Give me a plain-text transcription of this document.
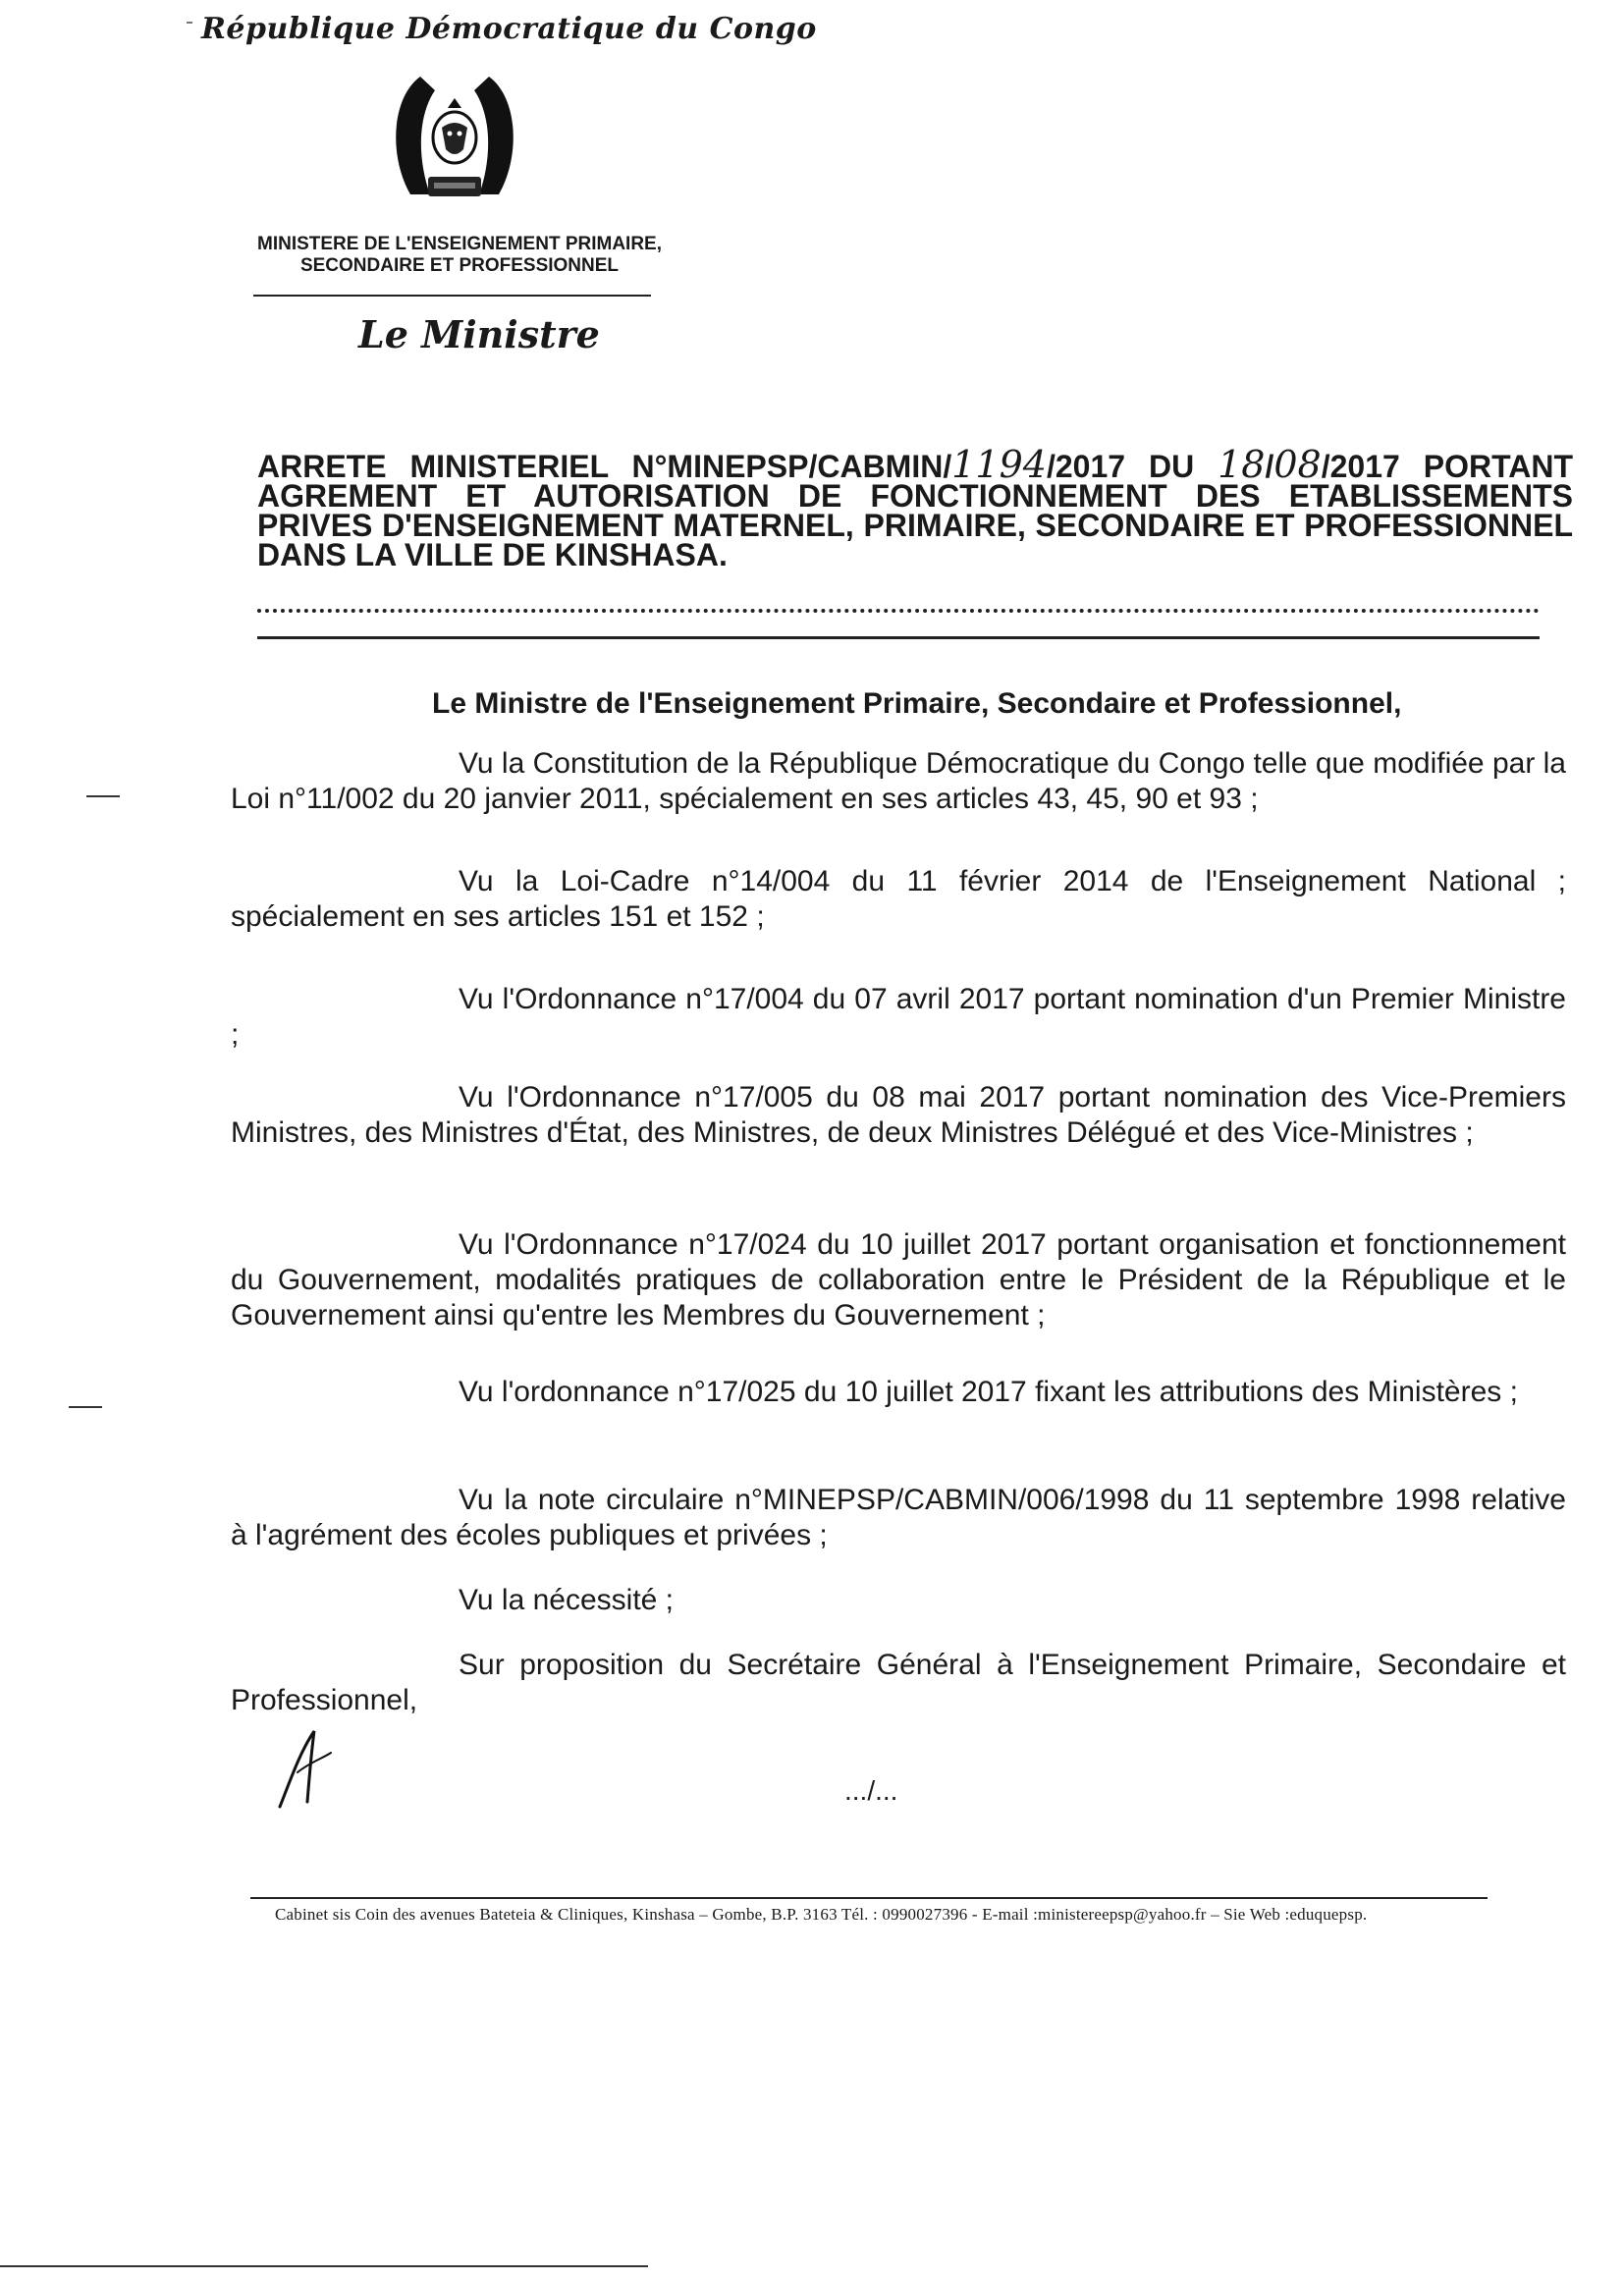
République Démocratique du Congo
MINISTERE DE L'ENSEIGNEMENT PRIMAIRE,
SECONDAIRE ET PROFESSIONNEL
Le Ministre
ARRETE MINISTERIEL N°MINEPSP/CABMIN/1194/2017 DU 18/08/2017 PORTANT AGREMENT ET AUTORISATION DE FONCTIONNEMENT DES ETABLISSEMENTS PRIVES D'ENSEIGNEMENT MATERNEL, PRIMAIRE, SECONDAIRE ET PROFESSIONNEL DANS LA VILLE DE KINSHASA.
Le Ministre de l'Enseignement Primaire, Secondaire et Professionnel,

Vu la Constitution de la République Démocratique du Congo telle que modifiée par la Loi n°11/002 du 20 janvier 2011, spécialement en ses articles 43, 45, 90 et 93 ;

Vu la Loi-Cadre n°14/004 du 11 février 2014 de l'Enseignement National ; spécialement en ses articles 151 et 152 ;

Vu l'Ordonnance n°17/004 du 07 avril 2017 portant nomination d'un Premier Ministre ;

Vu l'Ordonnance n°17/005 du 08 mai 2017 portant nomination des Vice-Premiers Ministres, des Ministres d'État, des Ministres, de deux Ministres Délégué et des Vice-Ministres ;

Vu l'Ordonnance n°17/024 du 10 juillet 2017 portant organisation et fonctionnement du Gouvernement, modalités pratiques de collaboration entre le Président de la République et le Gouvernement ainsi qu'entre les Membres du Gouvernement ;

Vu l'ordonnance n°17/025 du 10 juillet 2017 fixant les attributions des Ministères ;

Vu la note circulaire n°MINEPSP/CABMIN/006/1998 du 11 septembre 1998 relative à l'agrément des écoles publiques et privées ;

Vu la nécessité ;

Sur proposition du Secrétaire Général à l'Enseignement Primaire, Secondaire et Professionnel,

.../...
Cabinet sis Coin des avenues Bateteia & Cliniques, Kinshasa – Gombe, B.P. 3163 Tél. : 0990027396 - E-mail :ministereepsp@yahoo.fr – Sie Web :eduquepsp.
